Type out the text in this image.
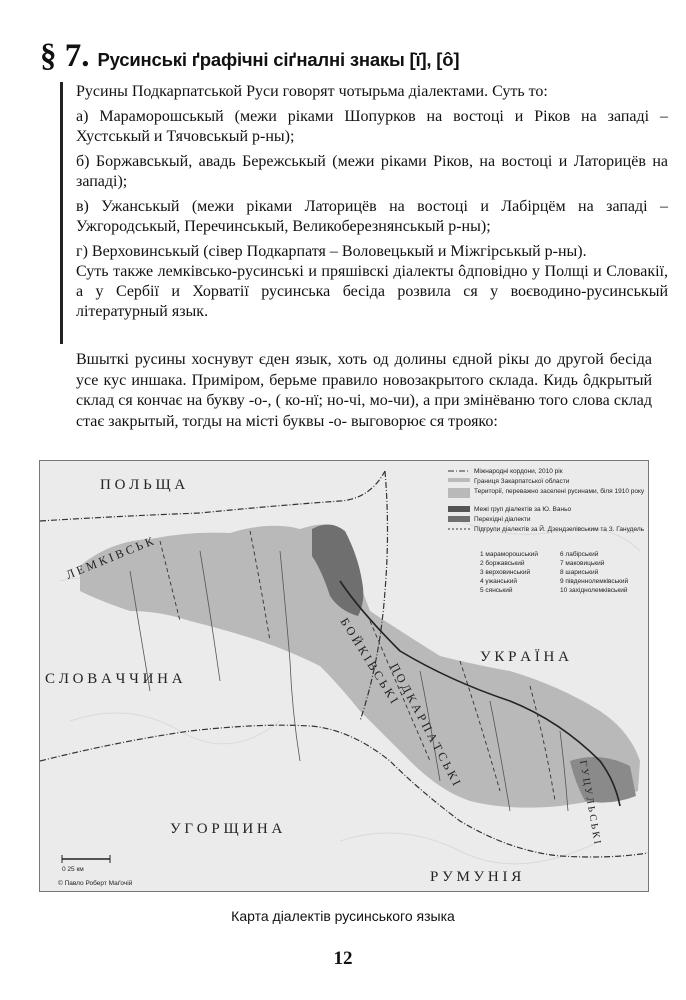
§ 7. Русинські ґрафічні сіґналні знакы [ї], [ô]

Русины Подкарпатськой Руси говорят чотырьма діалектами. Суть то:

а) Мараморошськый (межи ріками Шопурков на востоці и Ріков на западі – Хустськый и Тячовськый р-ны);

б) Боржавськый, авадь Бережськый (межи ріками Ріков, на востоці и Латорицёв на западі);

в) Ужанськый (межи ріками Латорицёв на востоці и Лабірцём на западі – Ужгородськый, Перечинськый, Великоберезнянськый р-ны);

г) Верховинськый (сівер Подкарпатя – Воловецькый и Міжгірськый р-ны).

Суть также лемківсько-русинські и пряшівскі діалекты ôдповідно у Полщі и Словакії, а у Сербії и Хорватії русинська бесіда розвила ся у воєводино-русинськый літературный язык.

Вшыткі русины хоснувут єден язык, хоть од долины єдной рікы до другой бесіда усе кус иншака. Приміром, берьме правило новозакрытого склада. Кидь ôдкрытый склад ся кончає на букву -о-, ( ко-нї; но-чі, мо-чи), а при змінёваню того слова склад стає закрытый, тогды на місті буквы -о- выговорює ся трояко:

П О Л Ь Щ А
С Л О В А Ч Ч И Н А
У К Р А Ї Н А
У Г О Р Щ И Н А
Р У М У Н І Я
Л Е М К І В С Ь К
Б О Й К І В С Ь К І
П О Д К А Р П А Т С Ь К І
Г У Ц У Л Ь С Ь К І
Міжнародні кордони, 2010 рік
Границя Закарпатської области
Території, переважно заселені русинами, біля 1910 року
Межі груп діалектів за Ю. Ваньо
Перехідні діалекти
Підгрупи діалектів за Й. Дзендзелівським та З. Ганудель
1 мараморошський
2 боржавський
3 верховинський
4 ужанський
5 сянський
6 лабірський
7 маковицький
8 шариський
9 південнолемківський
10 західнолемківський
0 25 км
© Павло Роберт Маґочій
Карта діалектів русинського языка
12
